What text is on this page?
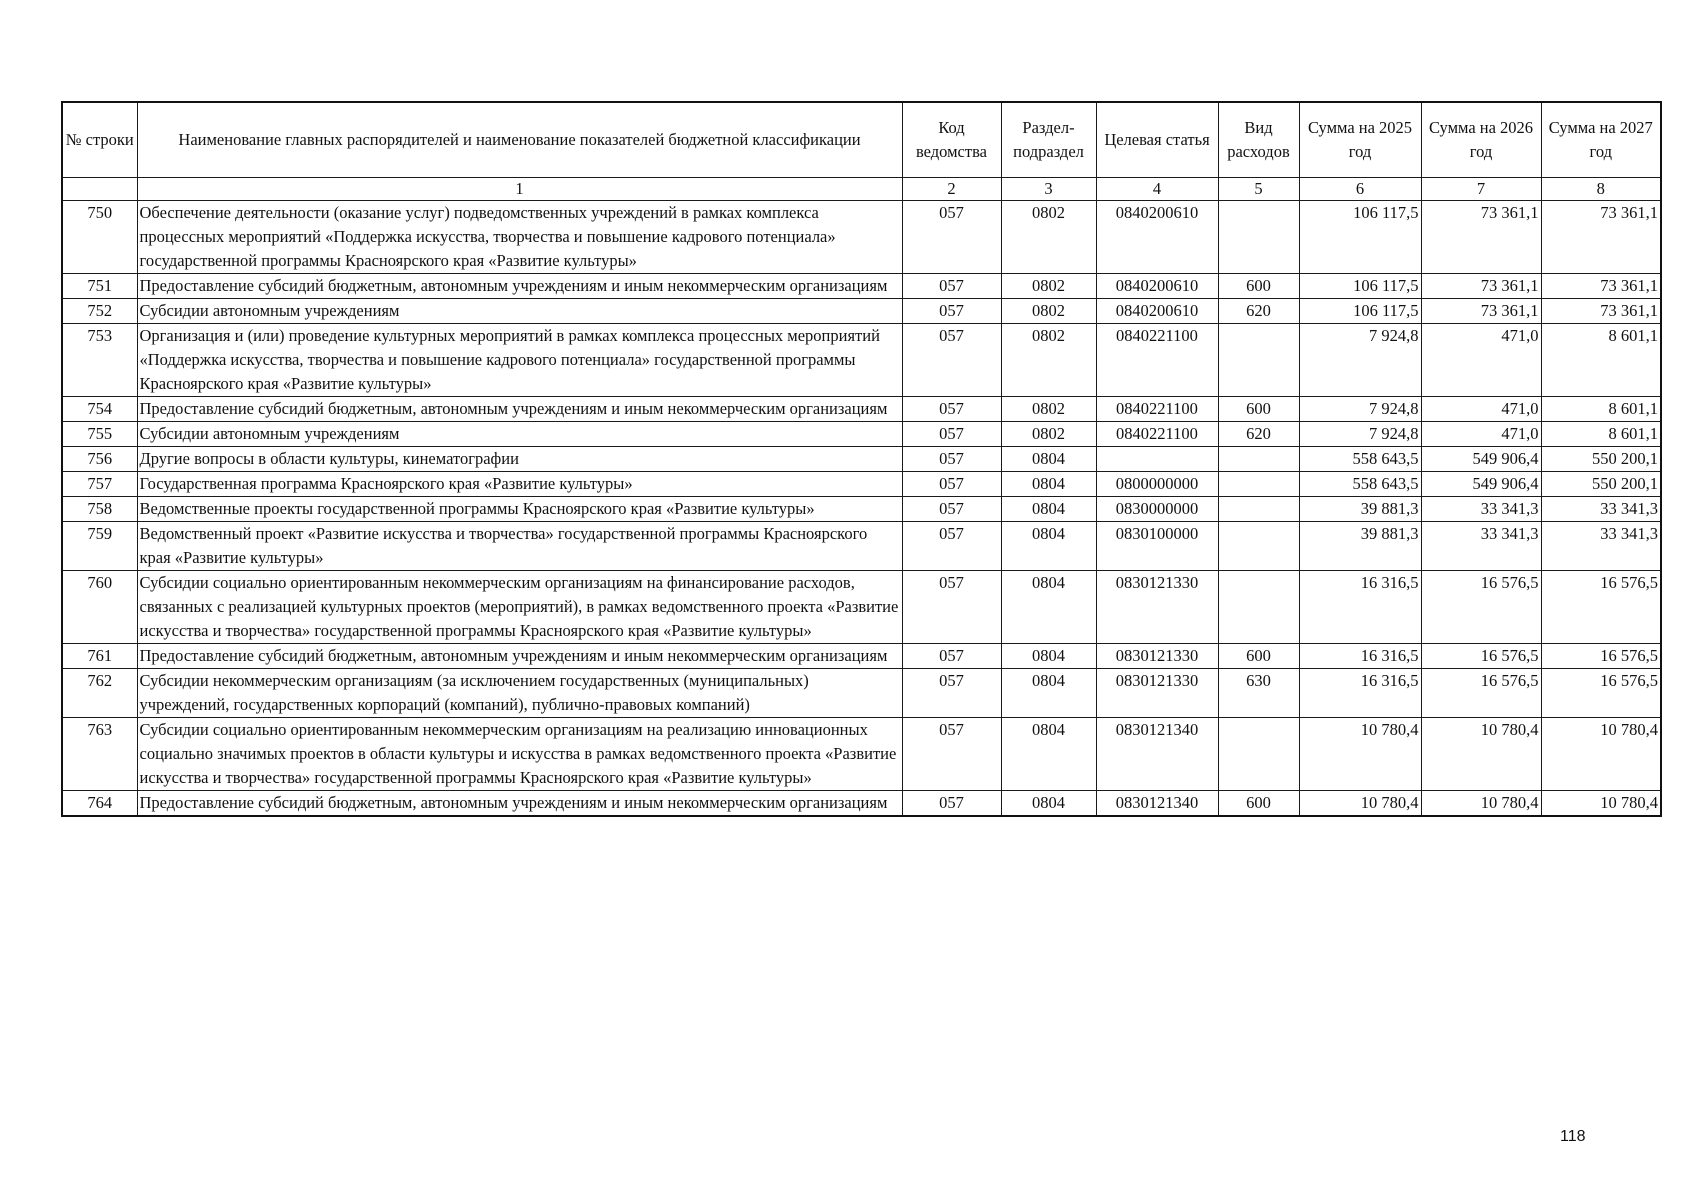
№ строки	Наименование главных распорядителей и наименование показателей бюджетной классификации	Код ведомства	Раздел-подраздел	Целевая статья	Вид расходов	Сумма на 2025 год	Сумма на 2026 год	Сумма на 2027 год
	1	2	3	4	5	6	7	8
750	Обеспечение деятельности (оказание услуг) подведомственных учреждений в рамках комплекса процессных мероприятий «Поддержка искусства, творчества и повышение кадрового потенциала» государственной программы Красноярского края «Развитие культуры»	057	0802	0840200610		106 117,5	73 361,1	73 361,1
751	Предоставление субсидий бюджетным, автономным учреждениям и иным некоммерческим организациям	057	0802	0840200610	600	106 117,5	73 361,1	73 361,1
752	Субсидии автономным учреждениям	057	0802	0840200610	620	106 117,5	73 361,1	73 361,1
753	Организация и (или) проведение культурных мероприятий в рамках комплекса процессных мероприятий «Поддержка искусства, творчества и повышение кадрового потенциала» государственной программы Красноярского края «Развитие культуры»	057	0802	0840221100		7 924,8	471,0	8 601,1
754	Предоставление субсидий бюджетным, автономным учреждениям и иным некоммерческим организациям	057	0802	0840221100	600	7 924,8	471,0	8 601,1
755	Субсидии автономным учреждениям	057	0802	0840221100	620	7 924,8	471,0	8 601,1
756	Другие вопросы в области культуры, кинематографии	057	0804			558 643,5	549 906,4	550 200,1
757	Государственная программа Красноярского края «Развитие культуры»	057	0804	0800000000		558 643,5	549 906,4	550 200,1
758	Ведомственные проекты государственной программы Красноярского края «Развитие культуры»	057	0804	0830000000		39 881,3	33 341,3	33 341,3
759	Ведомственный проект «Развитие искусства и творчества» государственной программы Красноярского края «Развитие культуры»	057	0804	0830100000		39 881,3	33 341,3	33 341,3
760	Субсидии социально ориентированным некоммерческим организациям на финансирование расходов, связанных с реализацией культурных проектов (мероприятий), в рамках ведомственного проекта «Развитие искусства и творчества» государственной программы Красноярского края «Развитие культуры»	057	0804	0830121330		16 316,5	16 576,5	16 576,5
761	Предоставление субсидий бюджетным, автономным учреждениям и иным некоммерческим организациям	057	0804	0830121330	600	16 316,5	16 576,5	16 576,5
762	Субсидии некоммерческим организациям (за исключением государственных (муниципальных) учреждений, государственных корпораций (компаний), публично-правовых компаний)	057	0804	0830121330	630	16 316,5	16 576,5	16 576,5
763	Субсидии социально ориентированным некоммерческим организациям на реализацию инновационных социально значимых проектов в области культуры и искусства в рамках ведомственного проекта «Развитие искусства и творчества» государственной программы Красноярского края «Развитие культуры»	057	0804	0830121340		10 780,4	10 780,4	10 780,4
764	Предоставление субсидий бюджетным, автономным учреждениям и иным некоммерческим организациям	057	0804	0830121340	600	10 780,4	10 780,4	10 780,4
118
